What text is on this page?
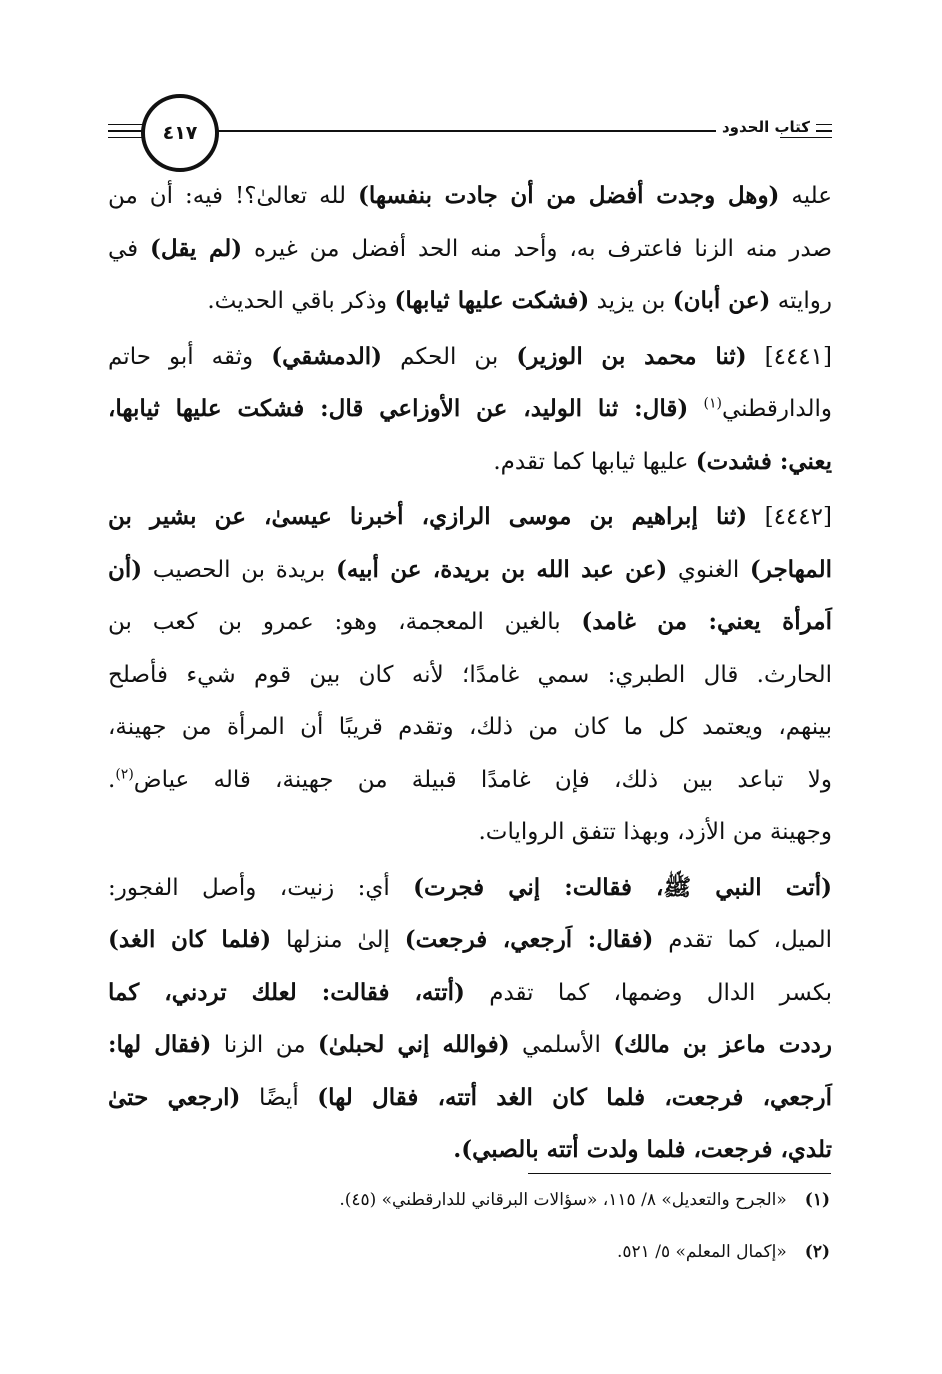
كتاب الحدود
٤١٧
عليه (وهل وجدت أفضل من أن جادت بنفسها) لله تعالىٰ؟! فيه: أن من
صدر منه الزنا فاعترف به، وأحد منه الحد أفضل من غيره (لم يقل) في
روايته (عن أبان) بن يزيد (فشكت عليها ثيابها) وذكر باقي الحديث.
[٤٤٤١] (ثنا محمد بن الوزير) بن الحكم (الدمشقي) وثقه أبو حاتم
والدارقطني$^{(١)}$ (قال: ثنا الوليد، عن الأوزاعي قال: فشكت عليها ثيابها،
يعني: فشدت) عليها ثيابها كما تقدم.
[٤٤٤٢] (ثنا إبراهيم بن موسى الرازي، أخبرنا عيسىٰ، عن بشير بن
المهاجر) الغنوي (عن عبد الله بن بريدة، عن أبيه) بريدة بن الحصيب (أن
اَمرأة يعني: من غامد) بالغين المعجمة، وهو: عمرو بن كعب بن
الحارث. قال الطبري: سمي غامدًا؛ لأنه كان بين قوم شيء فأصلح
بينهم، ويعتمد كل ما كان من ذلك، وتقدم قريبًا أن المرأة من جهينة،
ولا تباعد بين ذلك، فإن غامدًا قبيلة من جهينة، قاله عياض$^{(٢)}$.
وجهينة من الأزد، وبهذا تتفق الروايات.
(أتت النبي ﷺ، فقالت: إني فجرت) أي: زنيت، وأصل الفجور:
الميل، كما تقدم (فقال: اَرجعي، فرجعت) إلىٰ منزلها (فلما كان الغد)
بكسر الدال وضمها، كما تقدم (أتته، فقالت: لعلك تردني، كما
رددت ماعز بن مالك) الأسلمي (فوالله إني لحبلىٰ) من الزنا (فقال لها:
اَرجعي، فرجعت، فلما كان الغد أتته، فقال لها) أيضًا (ارجعي حتىٰ
تلدي، فرجعت، فلما ولدت أتته بالصبي).
(١)«الجرح والتعديل» ٨/ ١١٥، «سؤالات البرقاني للدارقطني» (٤٥).
(٢)«إكمال المعلم» ٥/ ٥٢١.
